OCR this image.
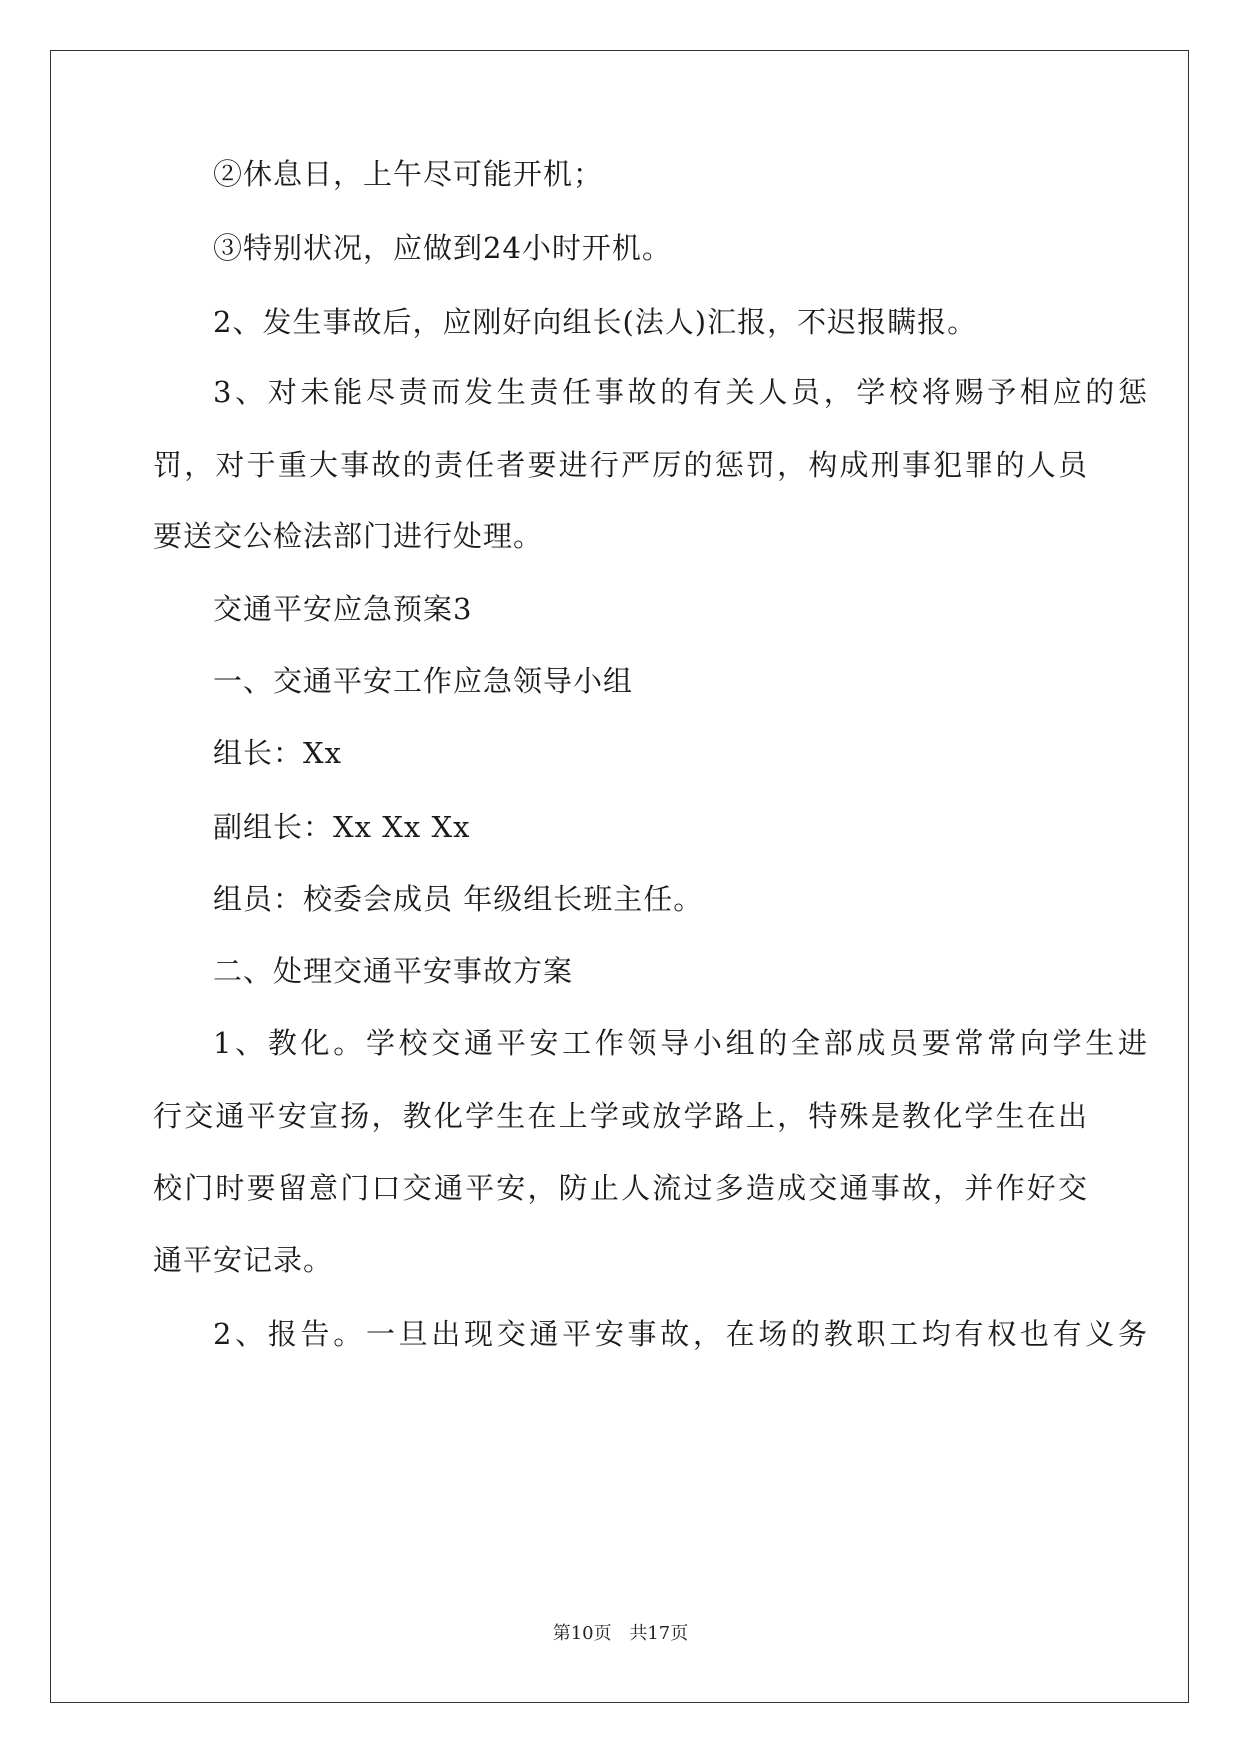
②休息日，上午尽可能开机；
③特别状况，应做到24小时开机。
2、发生事故后，应刚好向组长(法人)汇报，不迟报瞒报。
3、对未能尽责而发生责任事故的有关人员，学校将赐予相应的惩
罚，对于重大事故的责任者要进行严厉的惩罚，构成刑事犯罪的人员
要送交公检法部门进行处理。
交通平安应急预案3
一、交通平安工作应急领导小组
组长：Xx
副组长：Xx Xx Xx
组员：校委会成员 年级组长班主任。
二、处理交通平安事故方案
1、教化。学校交通平安工作领导小组的全部成员要常常向学生进
行交通平安宣扬，教化学生在上学或放学路上，特殊是教化学生在出
校门时要留意门口交通平安，防止人流过多造成交通事故，并作好交
通平安记录。
2、报告。一旦出现交通平安事故，在场的教职工均有权也有义务
第10页 共17页
